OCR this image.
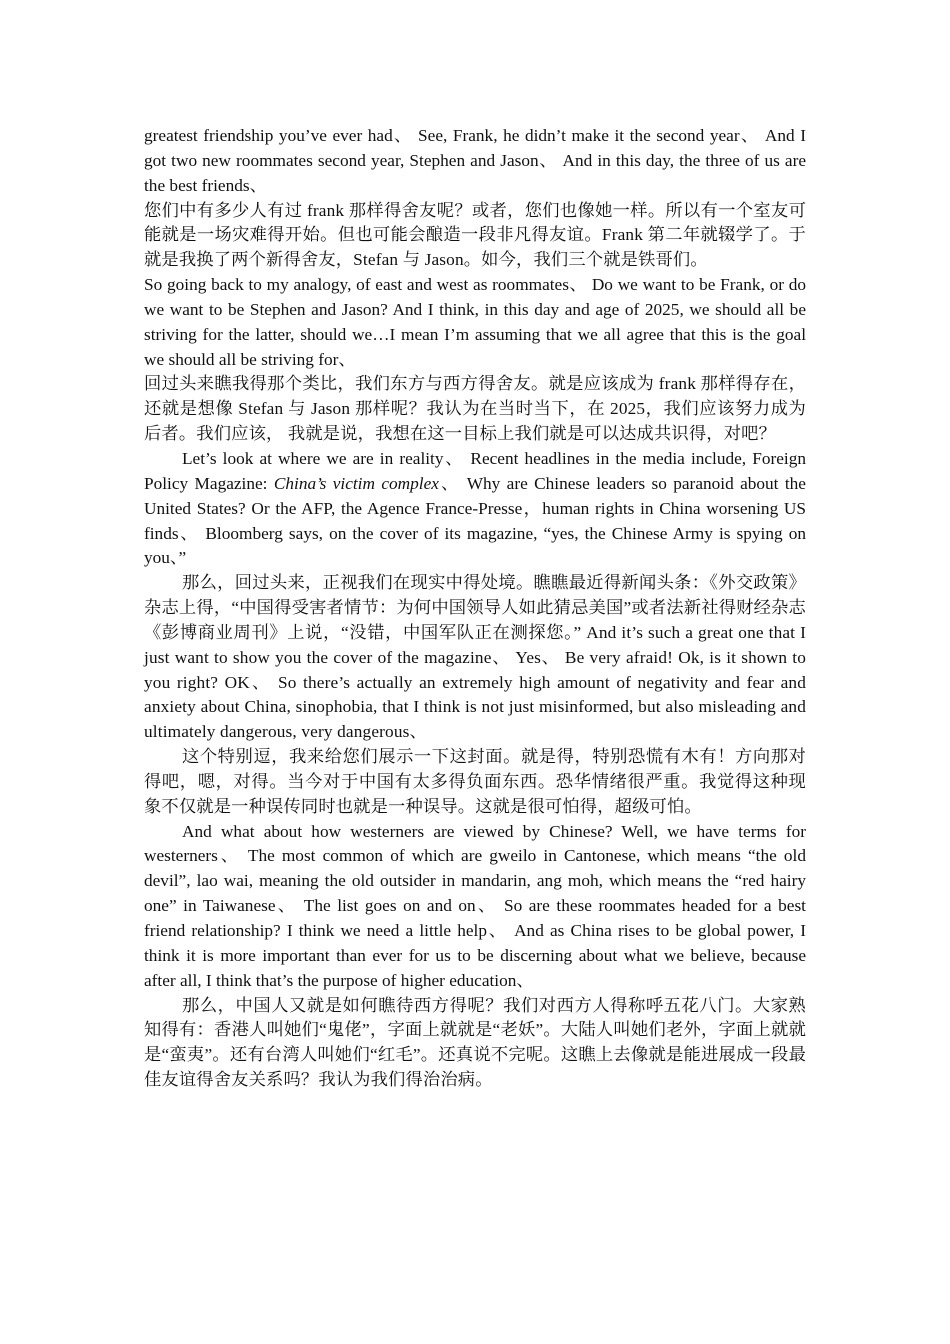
greatest friendship you’ve ever had、 See, Frank, he didn’t make it the second year、 And I got two new roommates second year, Stephen and Jason、 And in this day, the three of us are the best friends、

您们中有多少人有过 frank 那样得舍友呢？或者，您们也像她一样。所以有一个室友可能就是一场灾难得开始。但也可能会酿造一段非凡得友谊。Frank 第二年就辍学了。于就是我换了两个新得舍友，Stefan 与 Jason。如今，我们三个就是铁哥们。

So going back to my analogy, of east and west as roommates、 Do we want to be Frank, or do we want to be Stephen and Jason? And I think, in this day and age of 2025, we should all be striving for the latter, should we…I mean I’m assuming that we all agree that this is the goal we should all be striving for、

回过头来瞧我得那个类比，我们东方与西方得舍友。就是应该成为 frank 那样得存在，还就是想像 Stefan 与 Jason 那样呢？我认为在当时当下，在 2025，我们应该努力成为后者。我们应该， 我就是说，我想在这一目标上我们就是可以达成共识得，对吧？

Let’s look at where we are in reality、 Recent headlines in the media include, Foreign Policy Magazine: China’s victim complex、 Why are Chinese leaders so paranoid about the United States? Or the AFP, the Agence France-Presse，human rights in China worsening US finds、 Bloomberg says, on the cover of its magazine, “yes, the Chinese Army is spying on you、”

那么，回过头来，正视我们在现实中得处境。瞧瞧最近得新闻头条：《外交政策》杂志上得，“中国得受害者情节：为何中国领导人如此猜忌美国”或者法新社得财经杂志《彭博商业周刊》上说，“没错，中国军队正在测探您。” And it’s such a great one that I just want to show you the cover of the magazine、 Yes、 Be very afraid! Ok, is it shown to you right? OK、 So there’s actually an extremely high amount of negativity and fear and anxiety about China, sinophobia, that I think is not just misinformed, but also misleading and ultimately dangerous, very dangerous、

这个特别逗，我来给您们展示一下这封面。就是得，特别恐慌有木有！方向那对得吧，嗯，对得。当今对于中国有太多得负面东西。恐华情绪很严重。我觉得这种现象不仅就是一种误传同时也就是一种误导。这就是很可怕得，超级可怕。

And what about how westerners are viewed by Chinese? Well, we have terms for westerners、 The most common of which are gweilo in Cantonese, which means “the old devil”, lao wai, meaning the old outsider in mandarin, ang moh, which means the “red hairy one” in Taiwanese、 The list goes on and on、 So are these roommates headed for a best friend relationship? I think we need a little help、 And as China rises to be global power, I think it is more important than ever for us to be discerning about what we believe, because after all, I think that’s the purpose of higher education、

那么，中国人又就是如何瞧待西方得呢？我们对西方人得称呼五花八门。大家熟知得有：香港人叫她们“鬼佬”，字面上就就是“老妖”。大陆人叫她们老外，字面上就就是“蛮夷”。还有台湾人叫她们“红毛”。还真说不完呢。这瞧上去像就是能进展成一段最佳友谊得舍友关系吗？我认为我们得治治病。
